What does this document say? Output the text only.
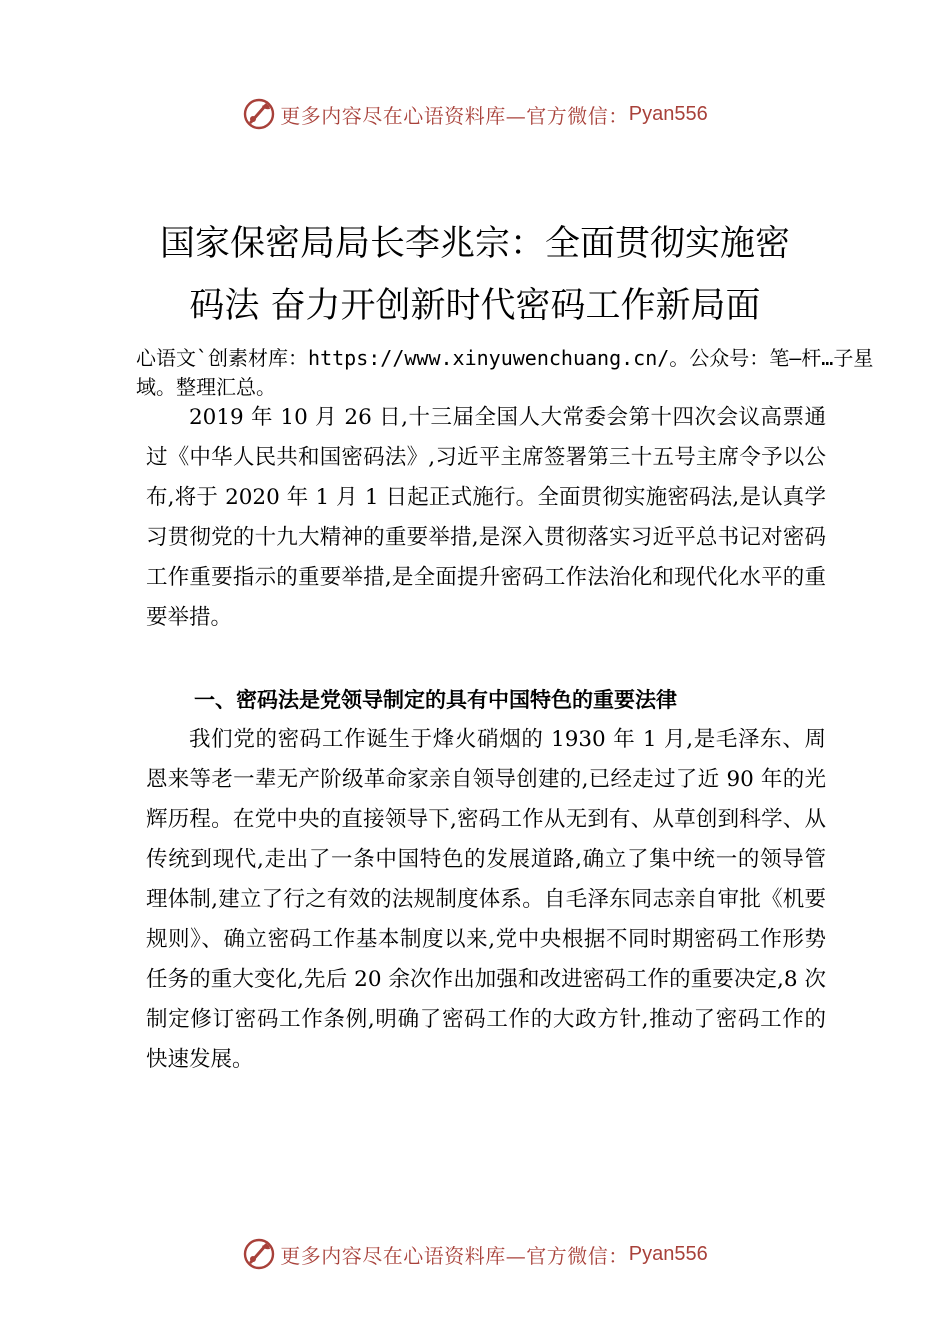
更多内容尽在心语资料库—官方微信： Pyan556
国家保密局局长李兆宗：全面贯彻实施密
码法 奋力开创新时代密码工作新局面
心语文`创素材库：https://www.xinyuwenchuang.cn/。公众号：笔—杆…子星域。整理汇总。
2019 年 10 月 26 日,十三届全国人大常委会第十四次会议高票通过《中华人民共和国密码法》,习近平主席签署第三十五号主席令予以公布,将于 2020 年 1 月 1 日起正式施行。全面贯彻实施密码法,是认真学习贯彻党的十九大精神的重要举措,是深入贯彻落实习近平总书记对密码工作重要指示的重要举措,是全面提升密码工作法治化和现代化水平的重要举措。
一、密码法是党领导制定的具有中国特色的重要法律
我们党的密码工作诞生于烽火硝烟的 1930 年 1 月,是毛泽东、周恩来等老一辈无产阶级革命家亲自领导创建的,已经走过了近 90 年的光辉历程。在党中央的直接领导下,密码工作从无到有、从草创到科学、从传统到现代,走出了一条中国特色的发展道路,确立了集中统一的领导管理体制,建立了行之有效的法规制度体系。自毛泽东同志亲自审批《机要规则》、确立密码工作基本制度以来,党中央根据不同时期密码工作形势任务的重大变化,先后 20 余次作出加强和改进密码工作的重要决定,8 次制定修订密码工作条例,明确了密码工作的大政方针,推动了密码工作的快速发展。
更多内容尽在心语资料库—官方微信： Pyan556
